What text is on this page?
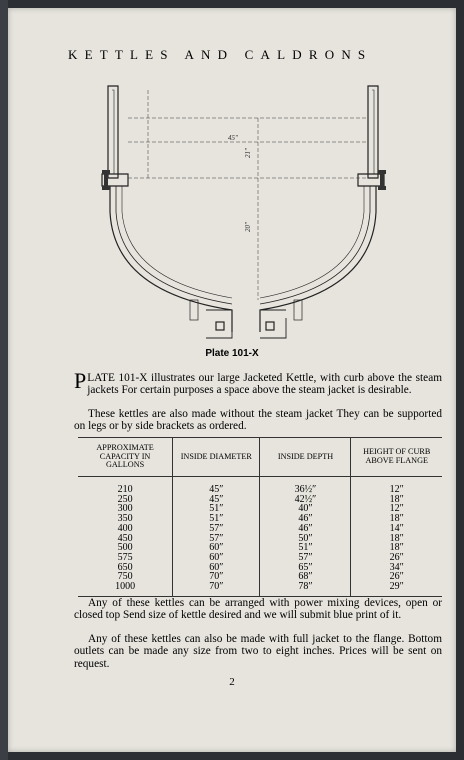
KETTLES AND CALDRONS
45"
21"
20"
Plate 101-X
PLATE 101-X illustrates our large Jacketed Kettle, with curb above the steam jackets For certain purposes a space above the steam jacket is desirable.
These kettles are also made without the steam jacket They can be supported on legs or by side brackets as ordered.
APPROXIMATE CAPACITY IN GALLONS	INSIDE DIAMETER	INSIDE DEPTH	HEIGHT OF CURB ABOVE FLANGE
210	45″	36½″	12″
250	45″	42½″	18″
300	51″	40″	12″
350	51″	46″	18″
400	57″	46″	14″
450	57″	50″	18″
500	60″	51″	18″
575	60″	57″	26″
650	60″	65″	34″
750	70″	68″	26″
1000	70″	78″	29″
Any of these kettles can be arranged with power mixing devices, open or closed top Send size of kettle desired and we will submit blue print of it.
Any of these kettles can also be made with full jacket to the flange. Bottom outlets can be made any size from two to eight inches. Prices will be sent on request.
2
